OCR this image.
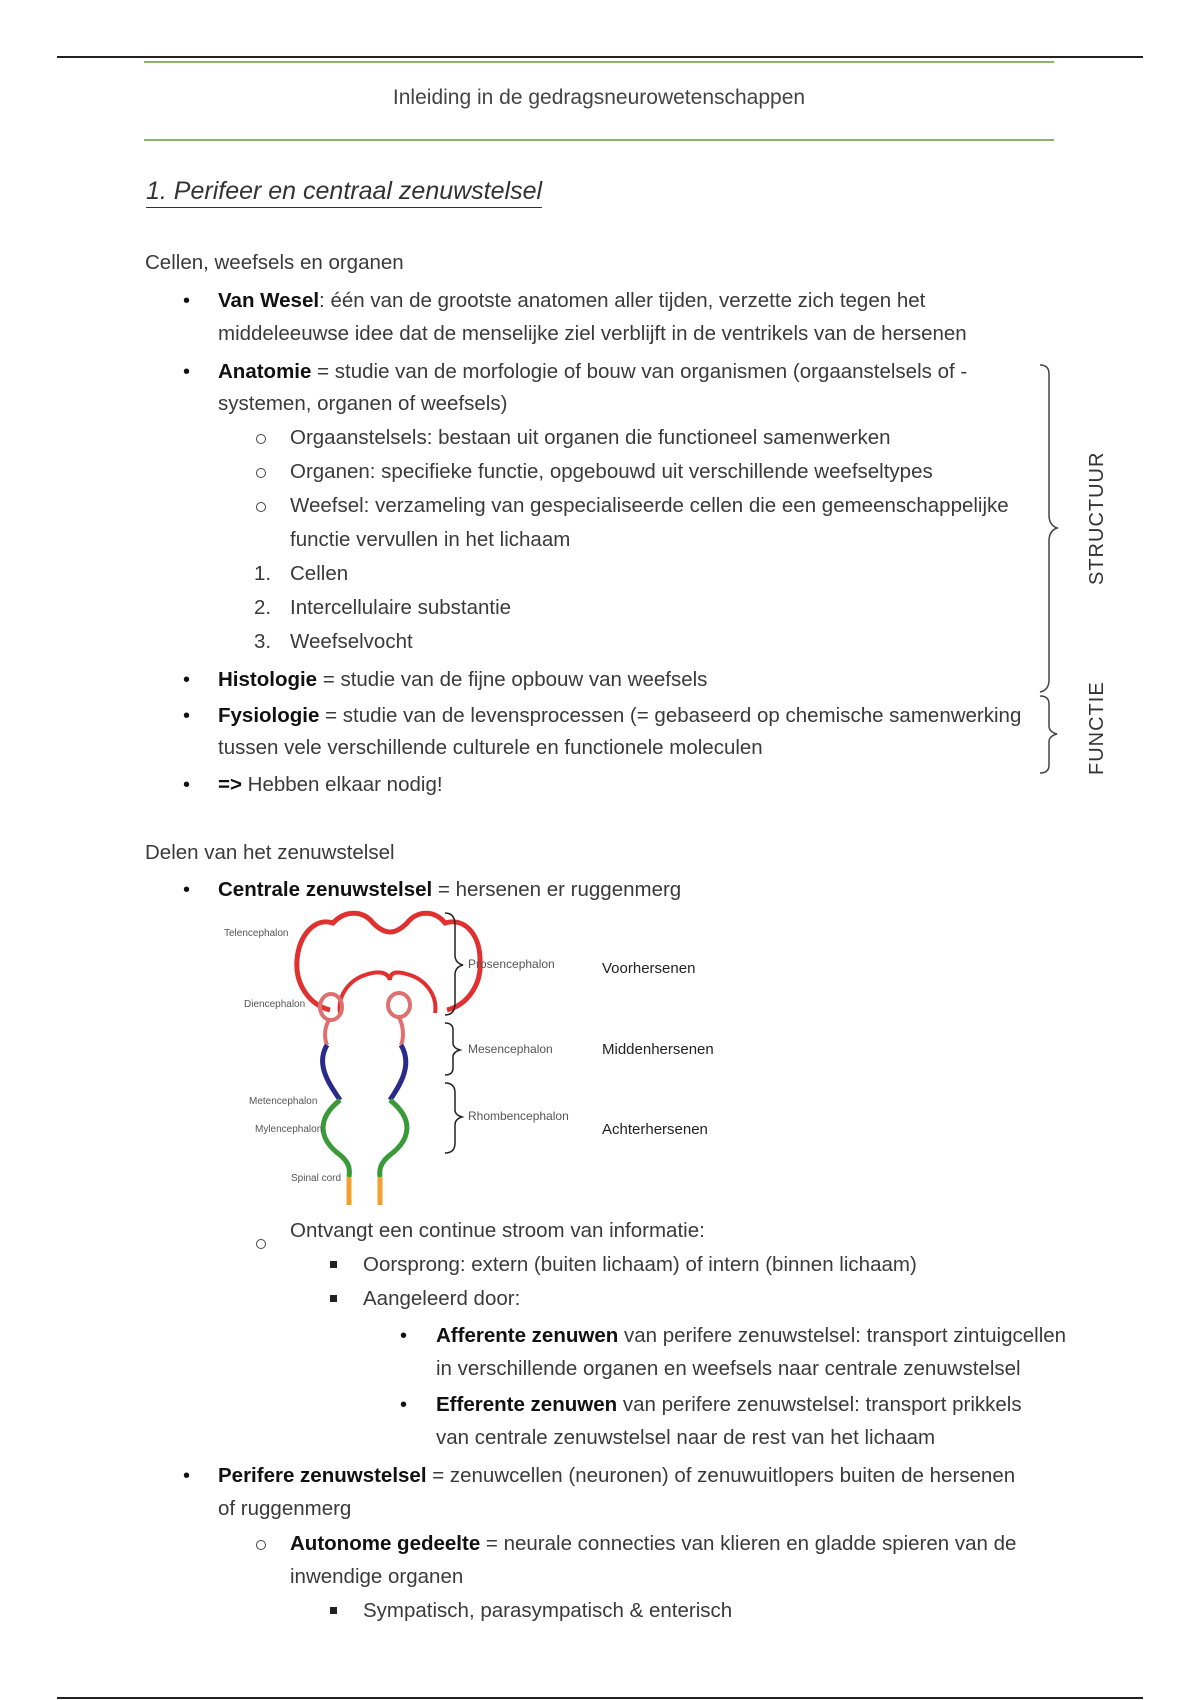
Inleiding in de gedragsneurowetenschappen
1. Perifeer en centraal zenuwstelsel
Cellen, weefsels en organen
• Van Wesel: één van de grootste anatomen aller tijden, verzette zich tegen het
middeleeuwse idee dat de menselijke ziel verblijft in de ventrikels van de hersenen
• Anatomie = studie van de morfologie of bouw van organismen (orgaanstelsels of -
systemen, organen of weefsels)
Orgaanstelsels: bestaan uit organen die functioneel samenwerken
Organen: specifieke functie, opgebouwd uit verschillende weefseltypes
Weefsel: verzameling van gespecialiseerde cellen die een gemeenschappelijke
functie vervullen in het lichaam
1. Cellen
2. Intercellulaire substantie
3. Weefselvocht
• Histologie = studie van de fijne opbouw van weefsels
• Fysiologie = studie van de levensprocessen (= gebaseerd op chemische samenwerking
tussen vele verschillende culturele en functionele moleculen
• => Hebben elkaar nodig!
STRUCTUUR
FUNCTIE
Delen van het zenuwstelsel
• Centrale zenuwstelsel = hersenen er ruggenmerg
Telencephalon
Diencephalon
Metencephalon
Mylencephalon
Spinal cord
Prosencephalon
Mesencephalon
Rhombencephalon
Voorhersenen
Middenhersenen
Achterhersenen
Ontvangt een continue stroom van informatie:
Oorsprong: extern (buiten lichaam) of intern (binnen lichaam)
Aangeleerd door:
• Afferente zenuwen van perifere zenuwstelsel: transport zintuigcellen
in verschillende organen en weefsels naar centrale zenuwstelsel
• Efferente zenuwen van perifere zenuwstelsel: transport prikkels
van centrale zenuwstelsel naar de rest van het lichaam
• Perifere zenuwstelsel = zenuwcellen (neuronen) of zenuwuitlopers buiten de hersenen
of ruggenmerg
Autonome gedeelte = neurale connecties van klieren en gladde spieren van de
inwendige organen
Sympatisch, parasympatisch & enterisch
